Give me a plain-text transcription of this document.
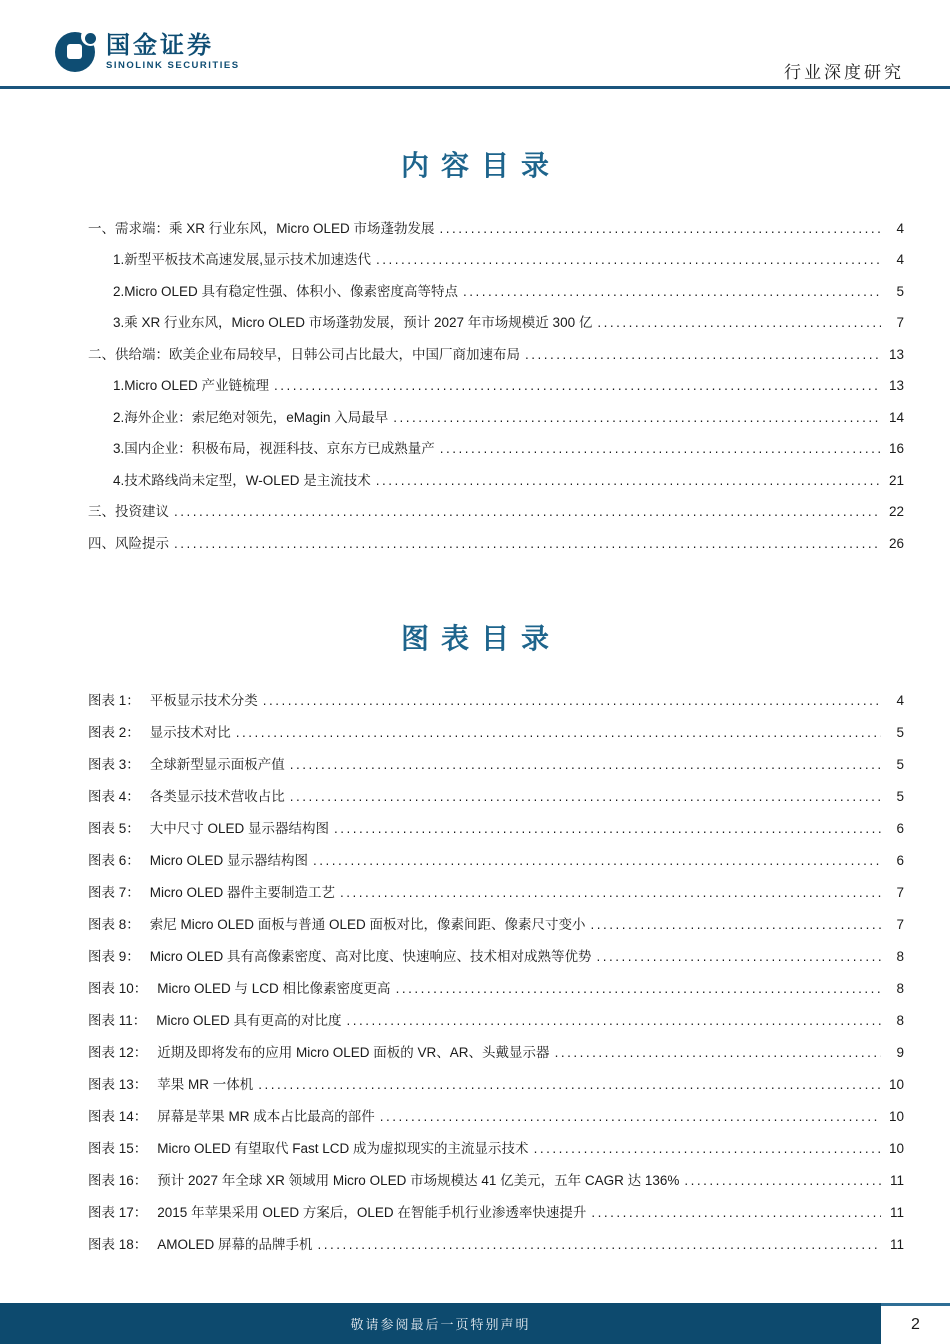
国金证券
SINOLINK SECURITIES	行业深度研究
内容目录
一、需求端：乘 XR 行业东风，Micro OLED 市场蓬勃发展 .....	4
1.新型平板技术高速发展,显示技术加速迭代 .....	4
2.Micro OLED 具有稳定性强、体积小、像素密度高等特点 .....	5
3.乘 XR 行业东风，Micro OLED 市场蓬勃发展，预计 2027 年市场规模近 300 亿 .....	7
二、供给端：欧美企业布局较早，日韩公司占比最大，中国厂商加速布局 .....	13
1.Micro OLED 产业链梳理 .....	13
2.海外企业：索尼绝对领先，eMagin 入局最早 .....	14
3.国内企业：积极布局，视涯科技、京东方已成熟量产 .....	16
4.技术路线尚未定型，W-OLED 是主流技术 .....	21
三、投资建议 .....	22
四、风险提示 .....	26
图表目录
图表 1： 平板显示技术分类 .....	4
图表 2： 显示技术对比 .....	5
图表 3： 全球新型显示面板产值 .....	5
图表 4： 各类显示技术营收占比 .....	5
图表 5： 大中尺寸 OLED 显示器结构图 .....	6
图表 6： Micro OLED 显示器结构图 .....	6
图表 7： Micro OLED 器件主要制造工艺 .....	7
图表 8： 索尼 Micro OLED 面板与普通 OLED 面板对比，像素间距、像素尺寸变小 .....	7
图表 9： Micro OLED 具有高像素密度、高对比度、快速响应、技术相对成熟等优势 .....	8
图表 10： Micro OLED 与 LCD 相比像素密度更高 .....	8
图表 11： Micro OLED 具有更高的对比度 .....	8
图表 12： 近期及即将发布的应用 Micro OLED 面板的 VR、AR、头戴显示器 .....	9
图表 13： 苹果 MR 一体机 .....	10
图表 14： 屏幕是苹果 MR 成本占比最高的部件 .....	10
图表 15： Micro OLED 有望取代 Fast LCD 成为虚拟现实的主流显示技术 .....	10
图表 16： 预计 2027 年全球 XR 领域用 Micro OLED 市场规模达 41 亿美元，五年 CAGR 达 136% .....	11
图表 17： 2015 年苹果采用 OLED 方案后，OLED 在智能手机行业渗透率快速提升 .....	11
图表 18： AMOLED 屏幕的品牌手机 .....	11
敬请参阅最后一页特别声明	2
